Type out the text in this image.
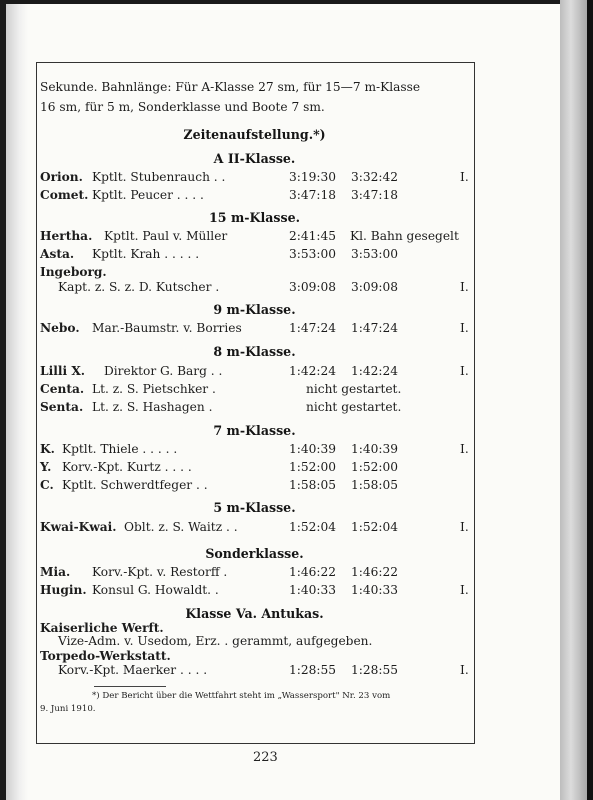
Sekunde. Bahnlänge: Für A-Klasse 27 sm, für 15—7 m-Klasse
16 sm, für 5 m, Sonderklasse und Boote 7 sm.
Zeitenaufstellung.*)
A II-Klasse.
Orion. Kptlt. Stubenrauch . .	3:19:30 3:32:42	I.
Comet. Kptlt. Peucer . . . .	3:47:18 3:47:18
15 m-Klasse.
Hertha. Kptlt. Paul v. Müller	2:41:45 Kl. Bahn gesegelt
Asta. Kptlt. Krah . . . . .	3:53:00 3:53:00
Ingeborg.
Kapt. z. S. z. D. Kutscher .	3:09:08 3:09:08	I.
9 m-Klasse.
Nebo. Mar.-Baumstr. v. Borries	1:47:24 1:47:24	I.
8 m-Klasse.
Lilli X. Direktor G. Barg . .	1:42:24 1:42:24	I.
Centa. Lt. z. S. Pietschker .	nicht gestartet.
Senta. Lt. z. S. Hashagen .	nicht gestartet.
7 m-Klasse.
K. Kptlt. Thiele . . . . .	1:40:39 1:40:39	I.
Y. Korv.-Kpt. Kurtz . . . .	1:52:00 1:52:00
C. Kptlt. Schwerdtfeger . .	1:58:05 1:58:05
5 m-Klasse.
Kwai-Kwai. Oblt. z. S. Waitz . .	1:52:04 1:52:04	I.
Sonderklasse.
Mia. Korv.-Kpt. v. Restorff .	1:46:22 1:46:22
Hugin. Konsul G. Howaldt. .	1:40:33 1:40:33	I.
Klasse Va. Antukas.
Kaiserliche Werft.
Vize-Adm. v. Usedom, Erz. . gerammt, aufgegeben.
Torpedo-Werkstatt.
Korv.-Kpt. Maerker . . . .	1:28:55 1:28:55	I.
*) Der Bericht über die Wettfahrt steht im „Wassersport" Nr. 23 vom
9. Juni 1910.
223
